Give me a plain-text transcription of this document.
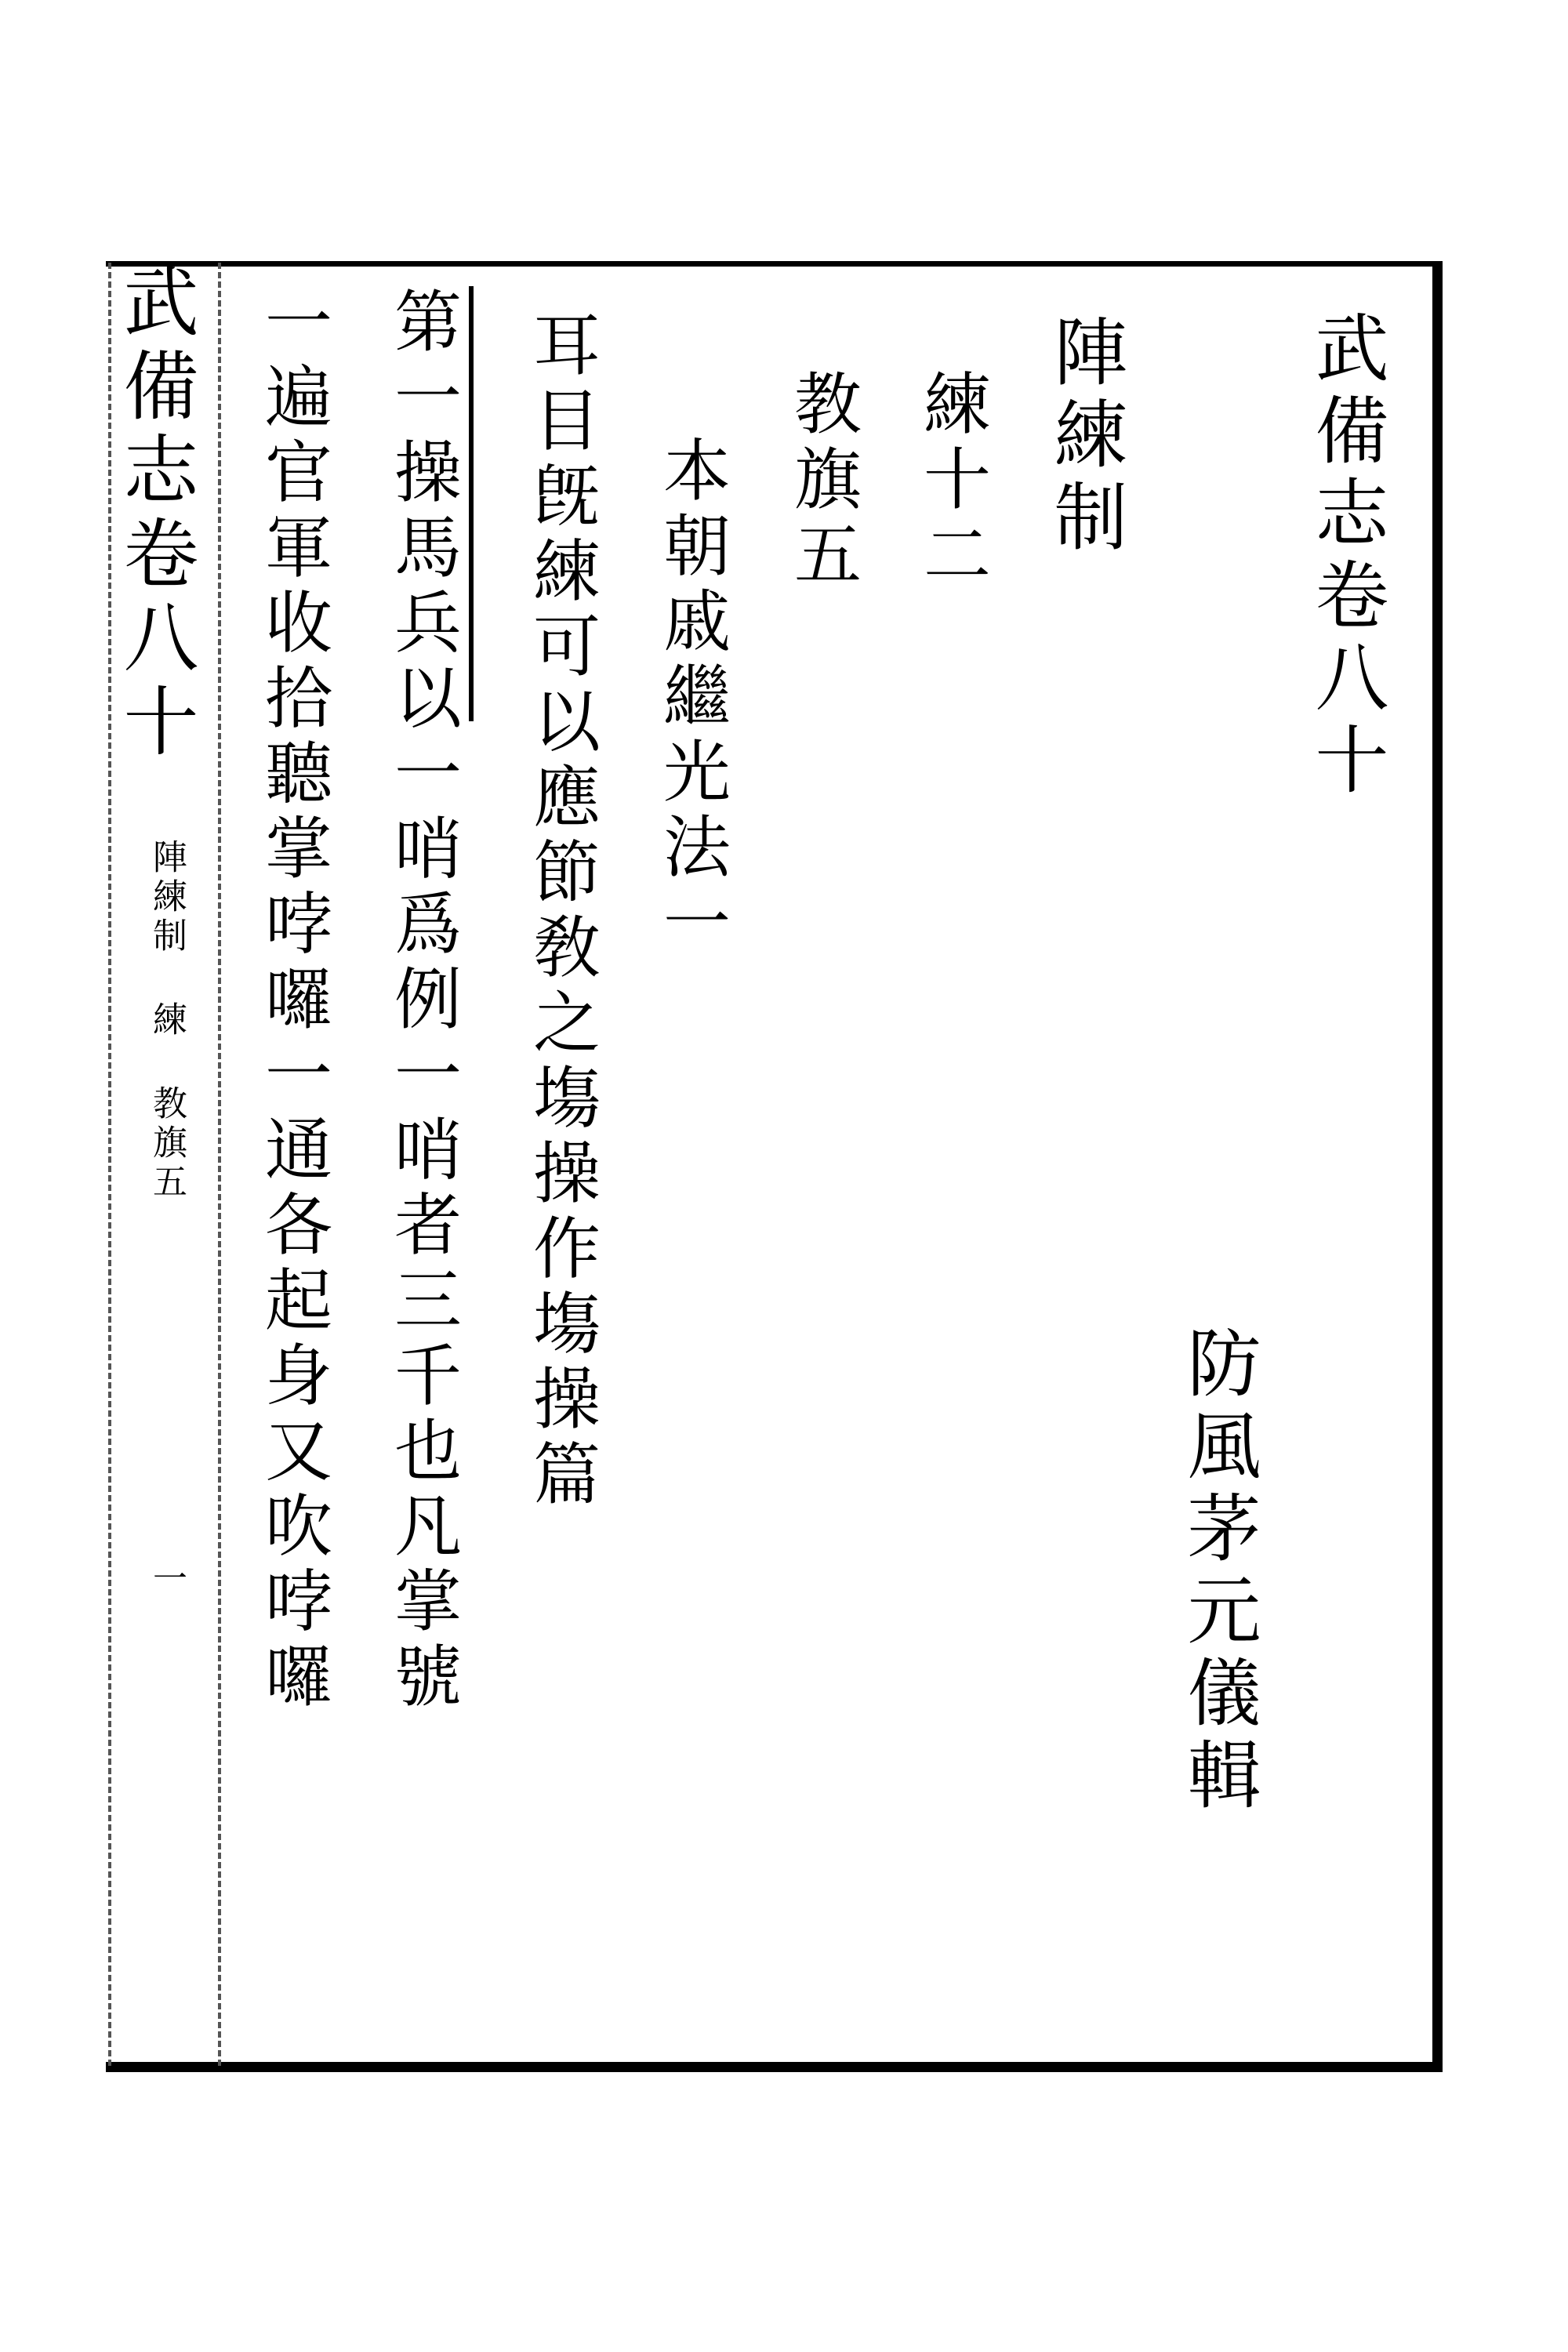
武備志卷八十
陣練制
練十二
教旗五
防風茅元儀輯
本朝戚繼光法一
耳目旣練可以應節敎之塲操作塲操篇
第一操馬兵以一哨爲例一哨者三千也凡掌號
一遍官軍收拾聽掌哱囉一通各起身又吹哱囉
武備志卷八十
陣練制 練 教旗五
一
